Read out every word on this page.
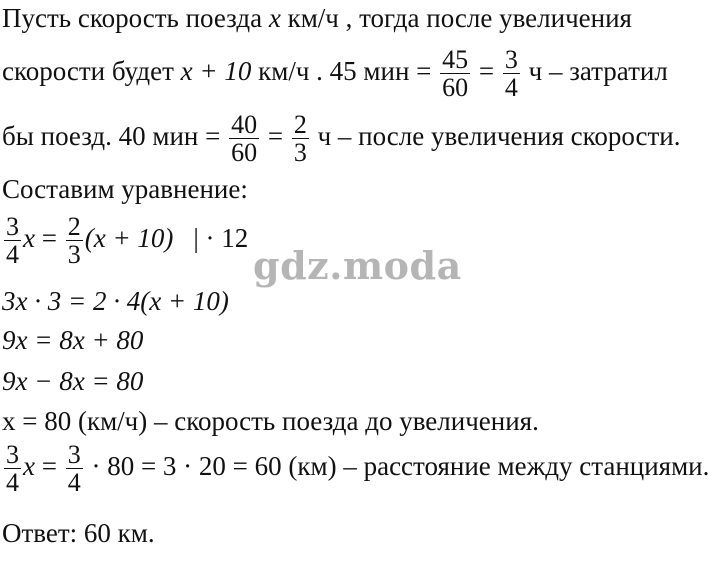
Пусть скорость поезда x км/ч , тогда после увеличения
скорости будет x + 10 км/ч . 45 мин = $\frac{45}{60} = \frac{3}{4}$ ч – затратил
бы поезд. 40 мин = $\frac{40}{60} = \frac{2}{3}$ ч – после увеличения скорости.
Составим уравнение:
$\frac{3}{4}$ $x = \frac{2}{3} (x + 10)$ | · 12
3x · 3 = 2 · 4(x + 10)
9x = 8x + 80
9x − 8x = 80
x = 80 (км/ч) – скорость поезда до увеличения.
$\frac{3}{4}$ $x = \frac{3}{4} \cdot 80 = 3 \cdot 20 = 60$ (км) – расстояние между станциями.
Ответ: 60 км.
gdz.moda
